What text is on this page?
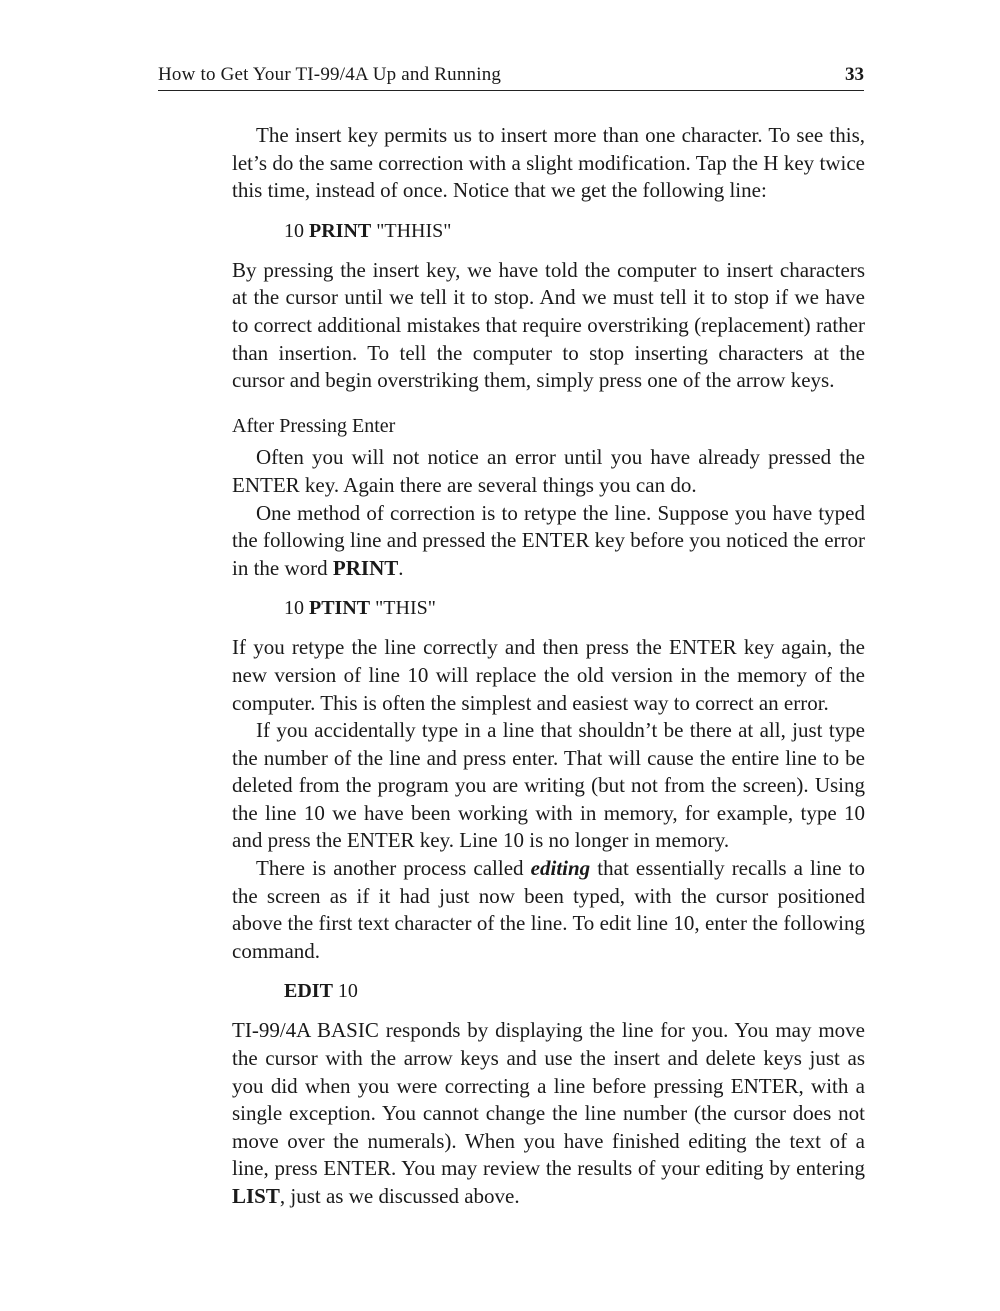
How to Get Your TI-99/4A Up and Running	33

The insert key permits us to insert more than one character. To see this, let’s do the same correction with a slight modification. Tap the H key twice this time, instead of once. Notice that we get the following line:

10 PRINT "THHIS"

By pressing the insert key, we have told the computer to insert characters at the cursor until we tell it to stop. And we must tell it to stop if we have to correct additional mistakes that require overstriking (replacement) rather than insertion. To tell the computer to stop inserting characters at the cursor and begin overstriking them, simply press one of the arrow keys.

After Pressing Enter

Often you will not notice an error until you have already pressed the ENTER key. Again there are several things you can do.

One method of correction is to retype the line. Suppose you have typed the following line and pressed the ENTER key before you noticed the error in the word PRINT.

10 PTINT "THIS"

If you retype the line correctly and then press the ENTER key again, the new version of line 10 will replace the old version in the memory of the computer. This is often the simplest and easiest way to correct an error.

If you accidentally type in a line that shouldn’t be there at all, just type the number of the line and press enter. That will cause the entire line to be deleted from the program you are writing (but not from the screen). Using the line 10 we have been working with in memory, for example, type 10 and press the ENTER key. Line 10 is no longer in memory.

There is another process called editing that essentially recalls a line to the screen as if it had just now been typed, with the cursor positioned above the first text character of the line. To edit line 10, enter the following command.

EDIT 10

TI-99/4A BASIC responds by displaying the line for you. You may move the cursor with the arrow keys and use the insert and delete keys just as you did when you were correcting a line before pressing ENTER, with a single exception. You cannot change the line number (the cursor does not move over the numerals). When you have finished editing the text of a line, press ENTER. You may review the results of your editing by entering LIST, just as we discussed above.
